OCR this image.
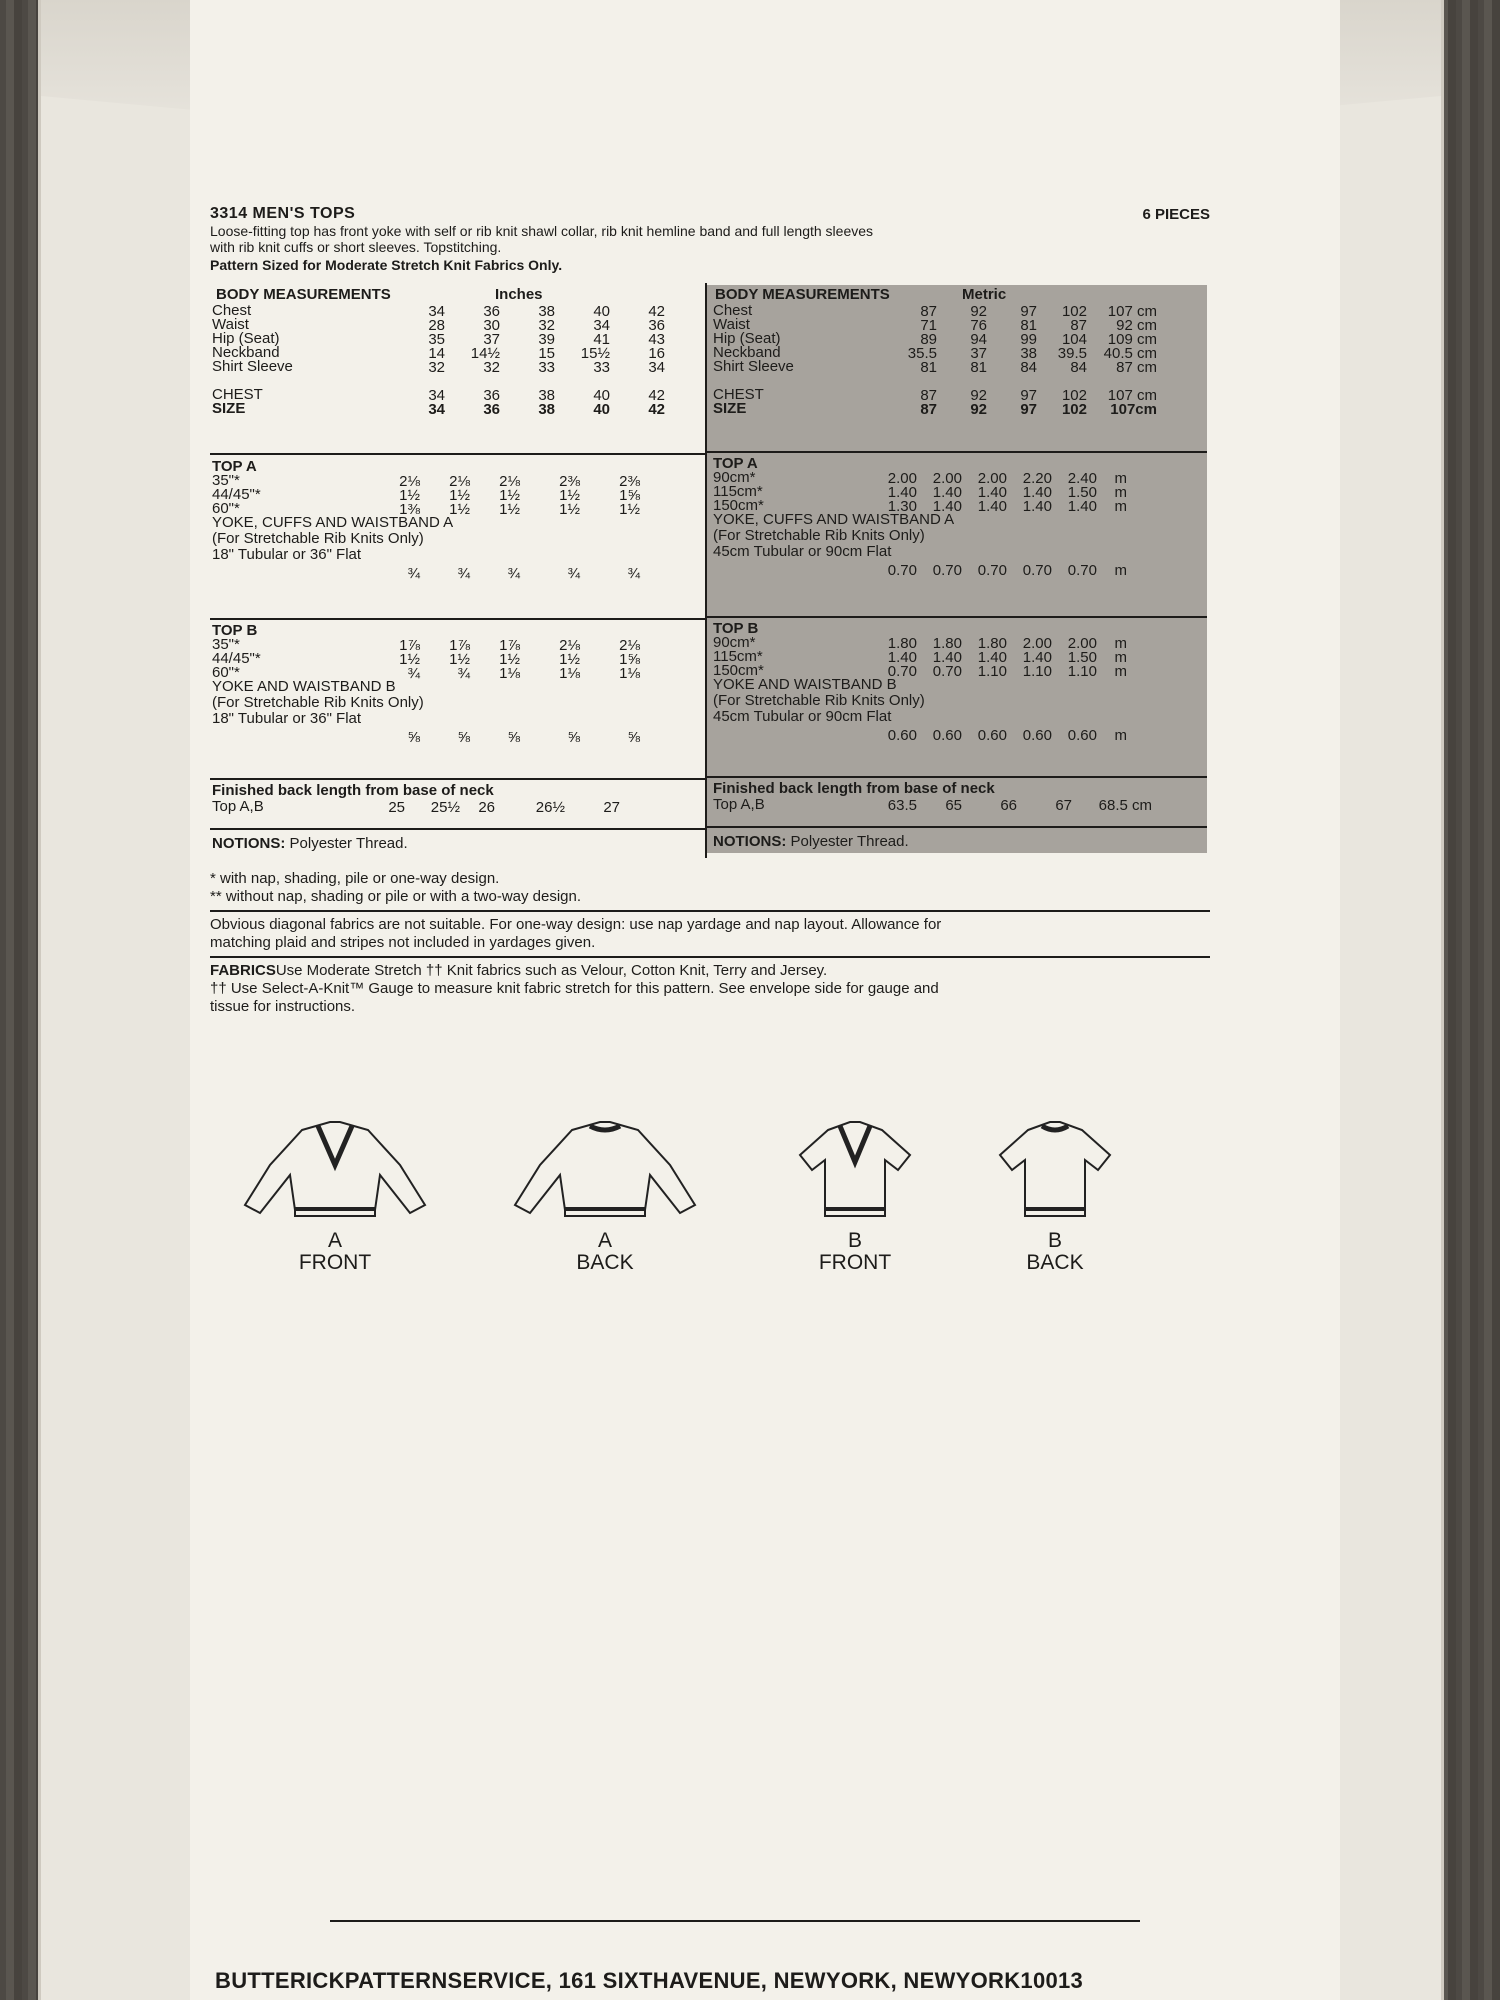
3314 MEN'S TOPS	6 PIECES
Loose-fitting top has front yoke with self or rib knit shawl collar, rib knit hemline band and full length sleeves
with rib knit cuffs or short sleeves. Topstitching.
Pattern Sized for Moderate Stretch Knit Fabrics Only.
BODY MEASUREMENTS	Inches
Chest	34	36	38	40	42
Waist	28	30	32	34	36
Hip (Seat)	35	37	39	41	43
Neckband	14	14½	15	15½	16
Shirt Sleeve	32	32	33	33	34
CHEST	34	36	38	40	42
SIZE	34	36	38	40	42
TOP A
35"*	2⅛	2⅛	2⅛	2⅜	2⅜
44/45"*	1½	1½	1½	1½	1⅝
60"*	1⅜	1½	1½	1½	1½
YOKE, CUFFS AND WAISTBAND A
(For Stretchable Rib Knits Only)
18" Tubular or 36" Flat
¾	¾	¾	¾	¾
TOP B
35"*	1⅞	1⅞	1⅞	2⅛	2⅛
44/45"*	1½	1½	1½	1½	1⅝
60"*	¾	¾	1⅛	1⅛	1⅛
YOKE AND WAISTBAND B
(For Stretchable Rib Knits Only)
18" Tubular or 36" Flat
⅝	⅝	⅝	⅝	⅝
Finished back length from base of neck
Top A,B	25	25½	26	26½	27
NOTIONS: Polyester Thread.
BODY MEASUREMENTS	Metric
Chest	87	92	97	102	107 cm
Waist	71	76	81	87	92 cm
Hip (Seat)	89	94	99	104	109 cm
Neckband	35.5	37	38	39.5	40.5 cm
Shirt Sleeve	81	81	84	84	87 cm
CHEST	87	92	97	102	107 cm
SIZE	87	92	97	102	107cm
TOP A
90cm*	2.00	2.00	2.00	2.20	2.40	m
115cm*	1.40	1.40	1.40	1.40	1.50	m
150cm*	1.30	1.40	1.40	1.40	1.40	m
YOKE, CUFFS AND WAISTBAND A
(For Stretchable Rib Knits Only)
45cm Tubular or 90cm Flat
0.70	0.70	0.70	0.70	0.70	m
TOP B
90cm*	1.80	1.80	1.80	2.00	2.00	m
115cm*	1.40	1.40	1.40	1.40	1.50	m
150cm*	0.70	0.70	1.10	1.10	1.10	m
YOKE AND WAISTBAND B
(For Stretchable Rib Knits Only)
45cm Tubular or 90cm Flat
0.60	0.60	0.60	0.60	0.60	m
Finished back length from base of neck
Top A,B	63.5	65	66	67	68.5 cm
NOTIONS: Polyester Thread.

* with nap, shading, pile or one-way design.

** without nap, shading or pile or with a two-way design.

Obvious diagonal fabrics are not suitable. For one-way design: use nap yardage and nap layout. Allowance for

matching plaid and stripes not included in yardages given.

FABRICSUse Moderate Stretch †† Knit fabrics such as Velour, Cotton Knit, Terry and Jersey.

†† Use Select-A-Knit™ Gauge to measure knit fabric stretch for this pattern. See envelope side for gauge and

tissue for instructions.

A
FRONT
A
BACK
B
FRONT
B
BACK
BUTTERICKPATTERNSERVICE, 161 SIXTHAVENUE, NEWYORK, NEWYORK10013
